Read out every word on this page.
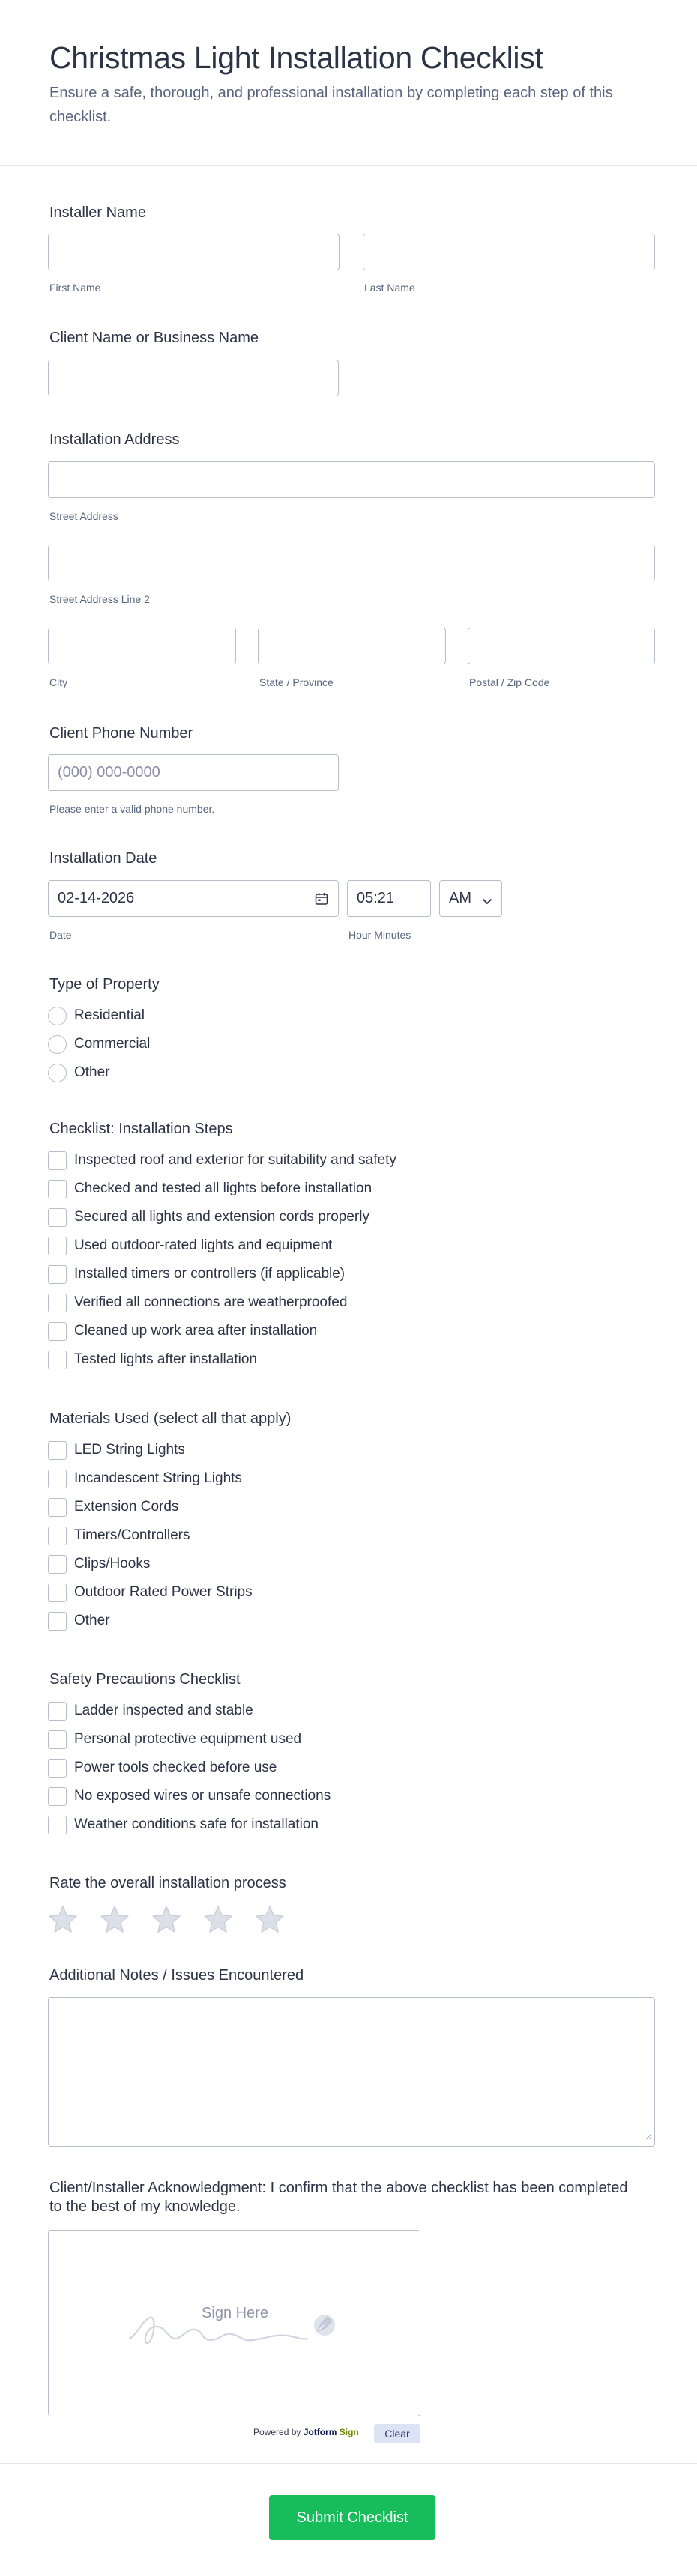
Christmas Light Installation Checklist

Ensure a safe, thorough, and professional installation by completing each step of this checklist.

Installer Name
First Name	Last Name
Client Name or Business Name
Installation Address
Street Address
Street Address Line 2
City	State / Province	Postal / Zip Code
Client Phone Number
(000) 000-0000
Please enter a valid phone number.
Installation Date
02-14-2026
Date
05:21
Hour Minutes
AM
Type of Property
Residential
Commercial
Other
Checklist: Installation Steps
Inspected roof and exterior for suitability and safety
Checked and tested all lights before installation
Secured all lights and extension cords properly
Used outdoor-rated lights and equipment
Installed timers or controllers (if applicable)
Verified all connections are weatherproofed
Cleaned up work area after installation
Tested lights after installation
Materials Used (select all that apply)
LED String Lights
Incandescent String Lights
Extension Cords
Timers/Controllers
Clips/Hooks
Outdoor Rated Power Strips
Other
Safety Precautions Checklist
Ladder inspected and stable
Personal protective equipment used
Power tools checked before use
No exposed wires or unsafe connections
Weather conditions safe for installation
Rate the overall installation process
Additional Notes / Issues Encountered
Client/Installer Acknowledgment: I confirm that the above checklist has been completed to the best of my knowledge.
Sign Here
Powered by Jotform Sign	Clear
Submit Checklist
